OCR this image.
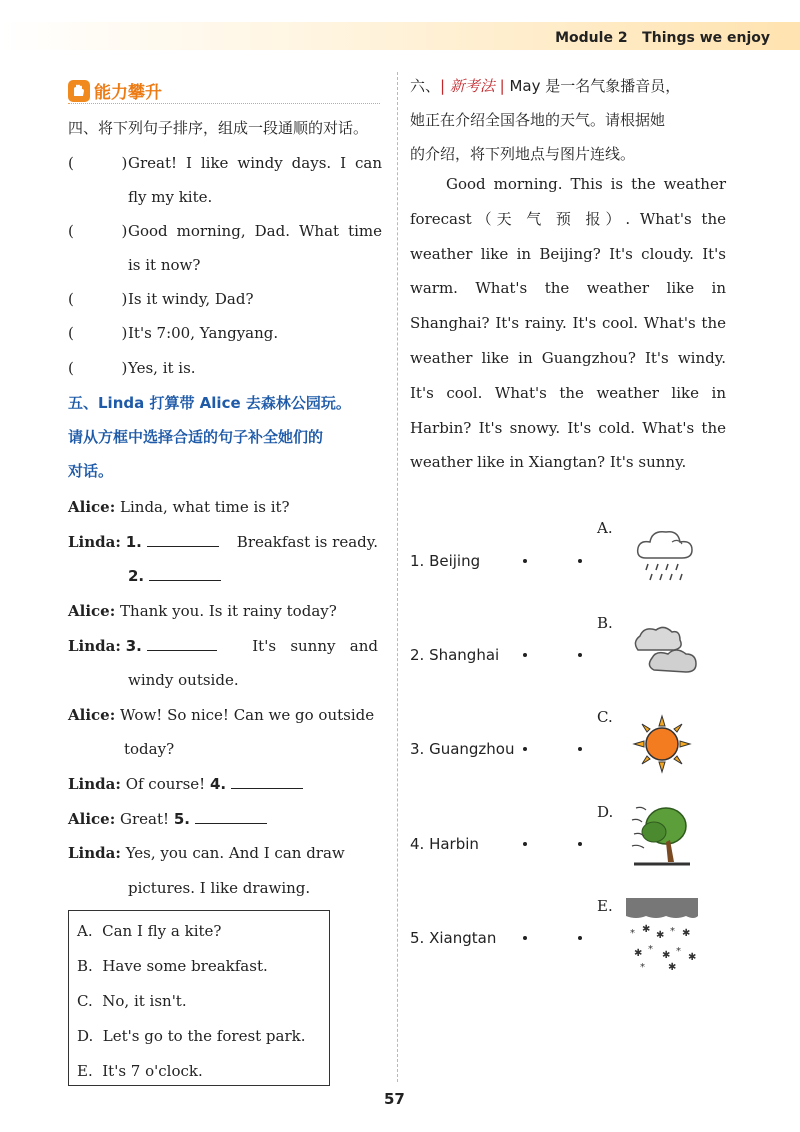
Module 2   Things we enjoy
能力攀升
四、将下列句子排序，组成一段通顺的对话。
(          ) Great! I like windy days. I can
fly my kite.
(          ) Good morning, Dad. What time
is it now?
(          ) Is it windy, Dad?
(          ) It's 7:00, Yangyang.
(          ) Yes, it is.
五、Linda 打算带 Alice 去森林公园玩。
请从方框中选择合适的句子补全她们的
对话。
Alice: Linda, what time is it?
Linda: 1.	Breakfast is ready.
2.
Alice: Thank you. Is it rainy today?
Linda: 3.	It's   sunny   and
windy outside.
Alice: Wow! So nice! Can we go outside
today?
Linda: Of course! 4.
Alice: Great! 5.
Linda: Yes, you can. And I can draw
pictures. I like drawing.
A.  Can I fly a kite?
B.  Have some breakfast.
C.  No, it isn't.
D.  Let's go to the forest park.
E.  It's 7 o'clock.
六、| 新考法 | May 是一名气象播音员，
她正在介绍全国各地的天气。请根据她
的介绍，将下列地点与图片连线。
Good morning. This is the weather forecast（天 气 预 报）. What's the weather like in Beijing? It's cloudy. It's warm. What's the weather like in Shanghai? It's rainy. It's cool. What's the weather like in Guangzhou? It's windy. It's cool. What's the weather like in Harbin? It's snowy. It's cold. What's the weather like in Xiangtan? It's sunny.
1. Beijing
2. Shanghai
3. Guangzhou
4. Harbin
5. Xiangtan
A.
B.
C.
D.
E.
* ✱
✱ * ✱
✱ *
✱ *
✱
* ✱
57
